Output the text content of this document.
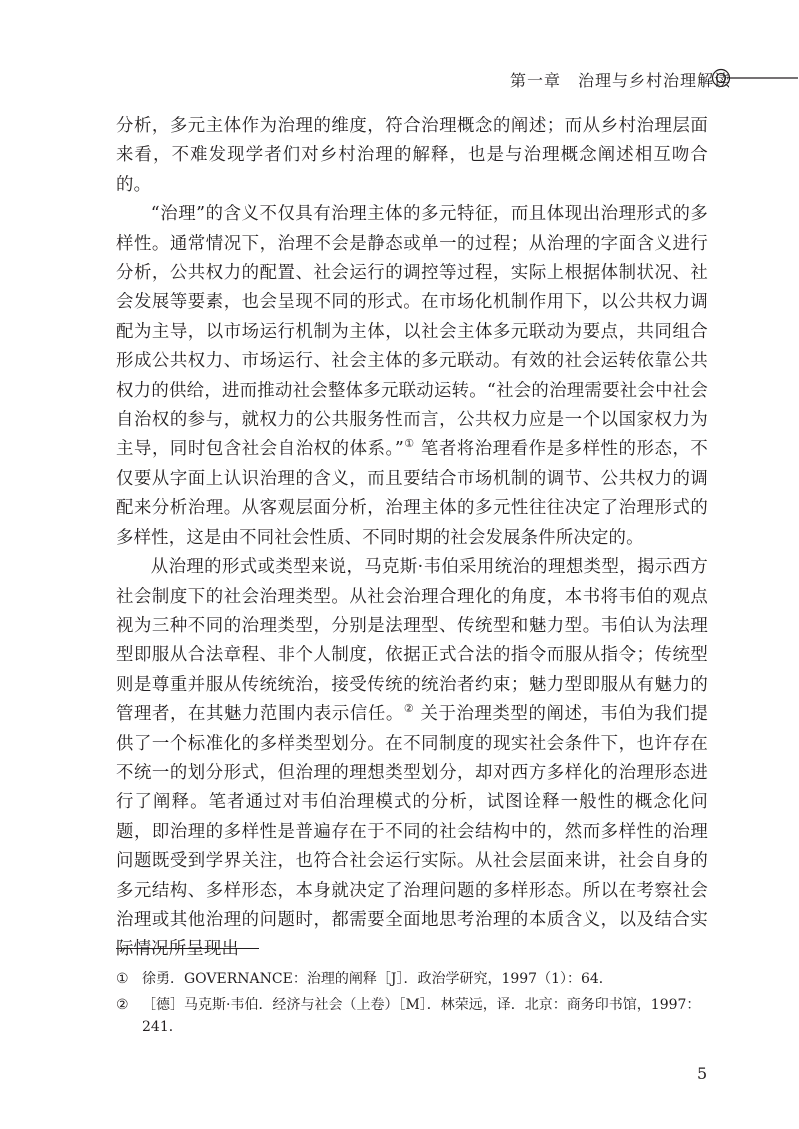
第一章　治理与乡村治理解读

分析，多元主体作为治理的维度，符合治理概念的阐述；而从乡村治理层面来看，不难发现学者们对乡村治理的解释，也是与治理概念阐述相互吻合的。

“治理”的含义不仅具有治理主体的多元特征，而且体现出治理形式的多样性。通常情况下，治理不会是静态或单一的过程；从治理的字面含义进行分析，公共权力的配置、社会运行的调控等过程，实际上根据体制状况、社会发展等要素，也会呈现不同的形式。在市场化机制作用下，以公共权力调配为主导，以市场运行机制为主体，以社会主体多元联动为要点，共同组合形成公共权力、市场运行、社会主体的多元联动。有效的社会运转依靠公共权力的供给，进而推动社会整体多元联动运转。“社会的治理需要社会中社会自治权的参与，就权力的公共服务性而言，公共权力应是一个以国家权力为主导，同时包含社会自治权的体系。”① 笔者将治理看作是多样性的形态，不仅要从字面上认识治理的含义，而且要结合市场机制的调节、公共权力的调配来分析治理。从客观层面分析，治理主体的多元性往往决定了治理形式的多样性，这是由不同社会性质、不同时期的社会发展条件所决定的。

从治理的形式或类型来说，马克斯·韦伯采用统治的理想类型，揭示西方社会制度下的社会治理类型。从社会治理合理化的角度，本书将韦伯的观点视为三种不同的治理类型，分别是法理型、传统型和魅力型。韦伯认为法理型即服从合法章程、非个人制度，依据正式合法的指令而服从指令；传统型则是尊重并服从传统统治，接受传统的统治者约束；魅力型即服从有魅力的管理者，在其魅力范围内表示信任。② 关于治理类型的阐述，韦伯为我们提供了一个标准化的多样类型划分。在不同制度的现实社会条件下，也许存在不统一的划分形式，但治理的理想类型划分，却对西方多样化的治理形态进行了阐释。笔者通过对韦伯治理模式的分析，试图诠释一般性的概念化问题，即治理的多样性是普遍存在于不同的社会结构中的，然而多样性的治理问题既受到学界关注，也符合社会运行实际。从社会层面来讲，社会自身的多元结构、多样形态，本身就决定了治理问题的多样形态。所以在考察社会治理或其他治理的问题时，都需要全面地思考治理的本质含义，以及结合实际情况所呈现出

① 徐勇．GOVERNANCE：治理的阐释［J］．政治学研究，1997（1）：64．
② ［德］马克斯·韦伯．经济与社会（上卷）［M］．林荣远，译．北京：商务印书馆，1997：241．
5
